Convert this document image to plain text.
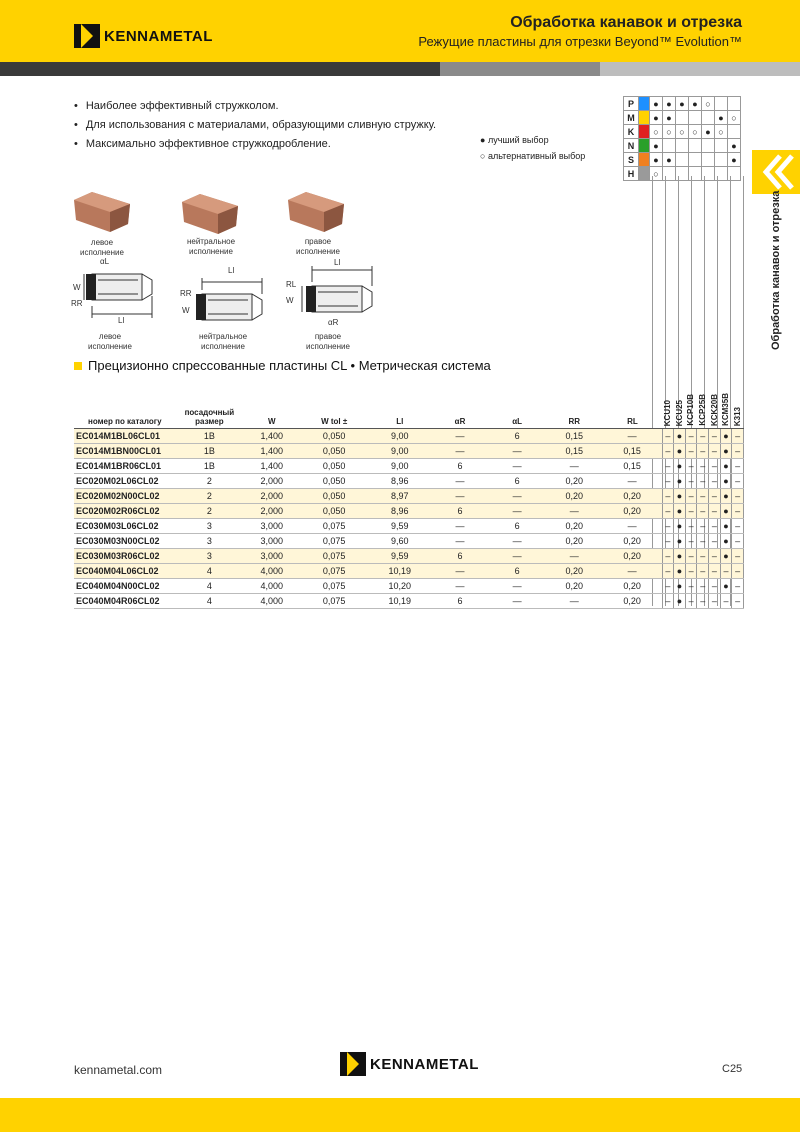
KENNAMETAL
Обработка канавок и отрезка
Режущие пластины для отрезки Beyond™ Evolution™
• Наиболее эффективный стружколом.
• Для использования с материалами, образующими сливную стружку.
• Максимально эффективное стружкодробление.	● лучший выбор
○ альтернативный выбор
P		●	●	●	●	○		
M		●	●				●	○
K		○	○	○	○	●	○	
N		●						●
S		●	●					●
H		○						
Обработка канавок и отрезка
левое исполнение
нейтральное исполнение
правое исполнение
αL
W
RR
Ll
Ll
RR
W
Ll
RL
W
αR
левое исполнение
нейтральное исполнение
правое исполнение
Прецизионно спрессованные пластины CL • Метрическая система
номер по каталогу	посадочный размер	W	W tol ±	Ll	αR	αL	RR	RL	KCU10	KCU25	KCP10B	KCP25B	KCK20B	KCM35B	K313

EC014M1BL06CL01	1B	1,400	0,050	9,00	—	6	0,15	—	–	●	–	–	–	●	–
EC014M1BN00CL01	1B	1,400	0,050	9,00	—	—	0,15	0,15	–	●	–	–	–	●	–
EC014M1BR06CL01	1B	1,400	0,050	9,00	6	—	—	0,15	–	●	–	–	–	●	–
EC020M02L06CL02	2	2,000	0,050	8,96	—	6	0,20	—	–	●	–	–	–	●	–
EC020M02N00CL02	2	2,000	0,050	8,97	—	—	0,20	0,20	–	●	–	–	–	●	–
EC020M02R06CL02	2	2,000	0,050	8,96	6	—	—	0,20	–	●	–	–	–	●	–
EC030M03L06CL02	3	3,000	0,075	9,59	—	6	0,20	—	–	●	–	–	–	●	–
EC030M03N00CL02	3	3,000	0,075	9,60	—	—	0,20	0,20	–	●	–	–	–	●	–
EC030M03R06CL02	3	3,000	0,075	9,59	6	—	—	0,20	–	●	–	–	–	●	–
EC040M04L06CL02	4	4,000	0,075	10,19	—	6	0,20	—	–	●	–	–	–	–	–
EC040M04N00CL02	4	4,000	0,075	10,20	—	—	0,20	0,20	–	●	–	–	–	●	–
EC040M04R06CL02	4	4,000	0,075	10,19	6	—	—	0,20	–	●	–	–	–	–	–
kennametal.com	KENNAMETAL	C25
